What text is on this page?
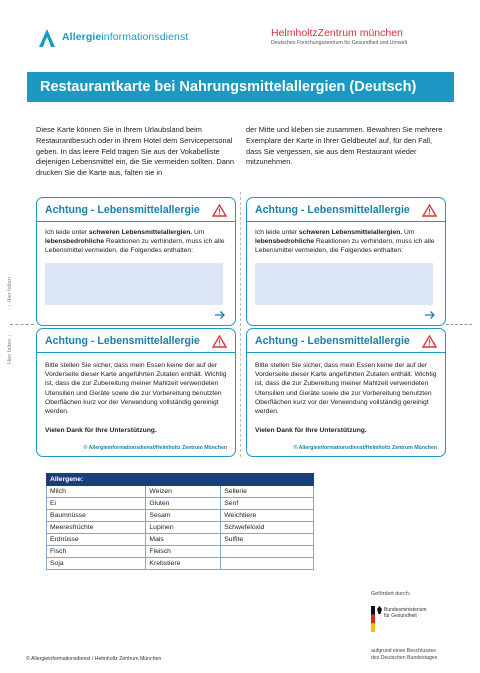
Allergieinformationsdienst	HelmholtzZentrum münchen
Deutsches Forschungszentrum für Gesundheit und Umwelt
Restaurantkarte bei Nahrungsmittelallergien (Deutsch)
Diese Karte können Sie in Ihrem Urlaubsland beim Restaurantbesuch oder in Ihrem Hotel dem Servicepersonal geben. In das leere Feld tragen Sie aus der Vokabelliste diejenigen Lebensmittel ein, die Sie vermeiden sollten. Dann drucken Sie die Karte aus, falten sie in
der Mitte und kleben sie zusammen. Bewahren Sie mehrere Exemplare der Karte in Ihrer Geldbeutel auf, für den Fall, dass Sie vergessen, sie aus dem Restaurant wieder mitzunehmen.
↓ Hier falten
Hier falten ↓
Achtung - Lebensmittelallergie
Ich leide unter schweren Lebensmittelallergien. Um lebensbedrohliche Reaktionen zu verhindern, muss ich alle Lebensmittel vermeiden, die Folgendes enthalten:
Achtung - Lebensmittelallergie
Ich leide unter schweren Lebensmittelallergien. Um lebensbedrohliche Reaktionen zu verhindern, muss ich alle Lebensmittel vermeiden, die Folgendes enthalten:
Achtung - Lebensmittelallergie
Bitte stellen Sie sicher, dass mein Essen keine der auf der Vorderseite dieser Karte angeführten Zutaten enthält. Wichtig ist, dass die zur Zubereitung meiner Mahlzeit verwendeten Utensilien und Geräte sowie die zur Vorbereitung benutzten Oberflächen kurz vor der Verwendung vollständig gereinigt werden.
Vielen Dank für Ihre Unterstützung.
© Allergieinformationsdienst/Helmholtz Zentrum München
Achtung - Lebensmittelallergie
Bitte stellen Sie sicher, dass mein Essen keine der auf der Vorderseite dieser Karte angeführten Zutaten enthält. Wichtig ist, dass die zur Zubereitung meiner Mahlzeit verwendeten Utensilien und Geräte sowie die zur Vorbereitung benutzten Oberflächen kurz vor der Verwendung vollständig gereinigt werden.
Vielen Dank für Ihre Unterstützung.
© Allergieinformationsdienst/Helmholtz Zentrum München
Allergene:		
Milch	Weizen	Sellerie
Ei	Gluten	Senf
Baumnüsse	Sesam	Weichtiere
Meeresfrüchte	Lupinen	Schwefeloxid
Erdnüsse	Mais	Sulfite
Fisch	Fleisch	
Soja	Krebstiere	
Gefördert durch:
Bundesministerium
für Gesundheit
aufgrund eines Beschlusses
des Deutschen Bundestages
© Allergieinformationsdienst / Helmholtz Zentrum München
